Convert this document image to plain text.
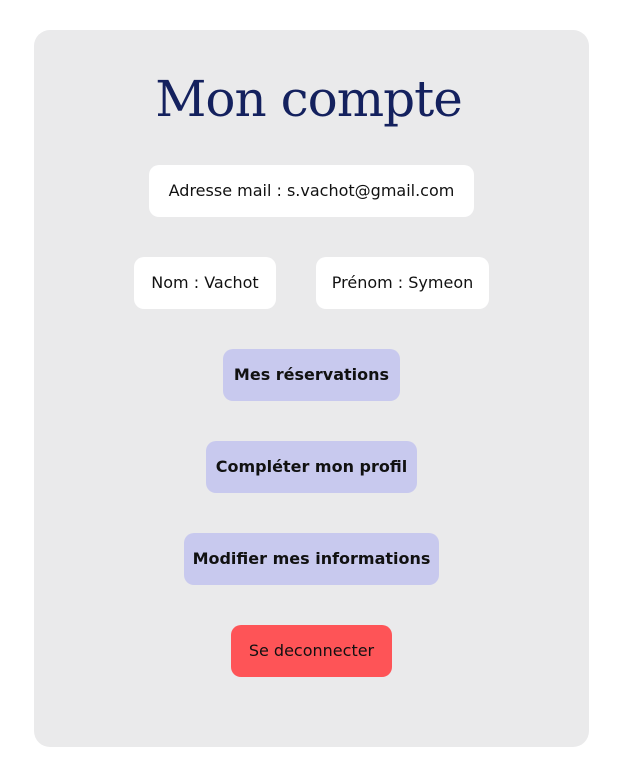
Mon compte
Adresse mail : s.vachot@gmail.com
Nom : Vachot	Prénom : Symeon
Mes réservations
Compléter mon profil
Modifier mes informations
Se deconnecter
